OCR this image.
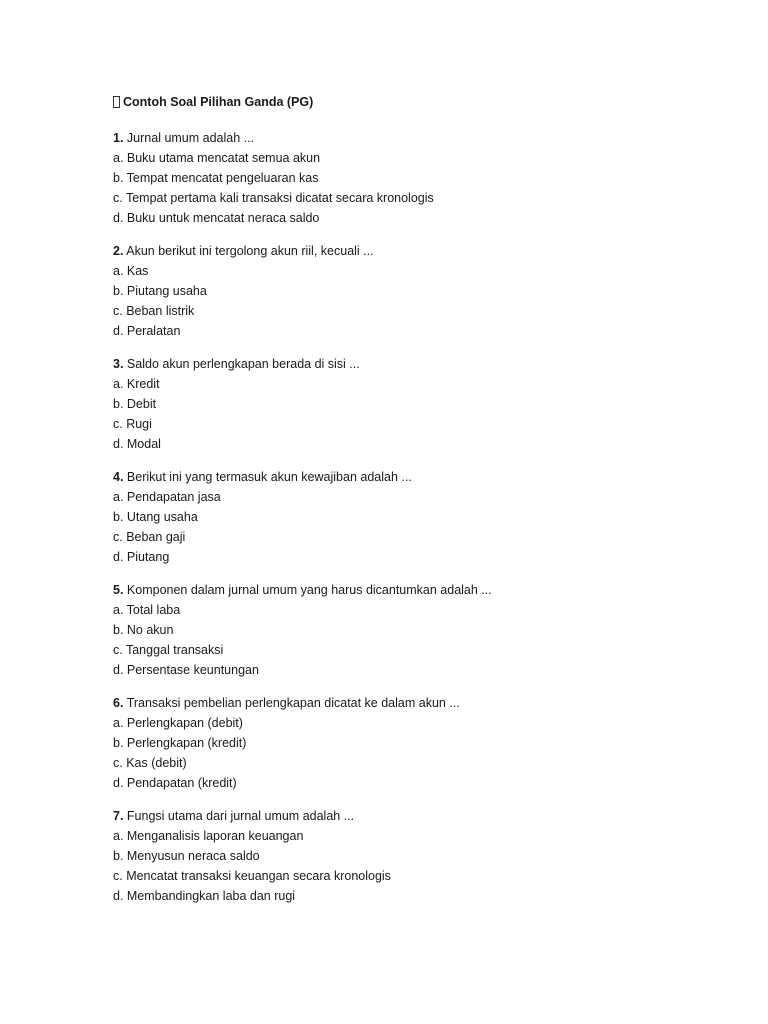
Contoh Soal Pilihan Ganda (PG)
1. Jurnal umum adalah ...
a. Buku utama mencatat semua akun
b. Tempat mencatat pengeluaran kas
c. Tempat pertama kali transaksi dicatat secara kronologis
d. Buku untuk mencatat neraca saldo
2. Akun berikut ini tergolong akun riil, kecuali ...
a. Kas
b. Piutang usaha
c. Beban listrik
d. Peralatan
3. Saldo akun perlengkapan berada di sisi ...
a. Kredit
b. Debit
c. Rugi
d. Modal
4. Berikut ini yang termasuk akun kewajiban adalah ...
a. Pendapatan jasa
b. Utang usaha
c. Beban gaji
d. Piutang
5. Komponen dalam jurnal umum yang harus dicantumkan adalah ...
a. Total laba
b. No akun
c. Tanggal transaksi
d. Persentase keuntungan
6. Transaksi pembelian perlengkapan dicatat ke dalam akun ...
a. Perlengkapan (debit)
b. Perlengkapan (kredit)
c. Kas (debit)
d. Pendapatan (kredit)
7. Fungsi utama dari jurnal umum adalah ...
a. Menganalisis laporan keuangan
b. Menyusun neraca saldo
c. Mencatat transaksi keuangan secara kronologis
d. Membandingkan laba dan rugi
